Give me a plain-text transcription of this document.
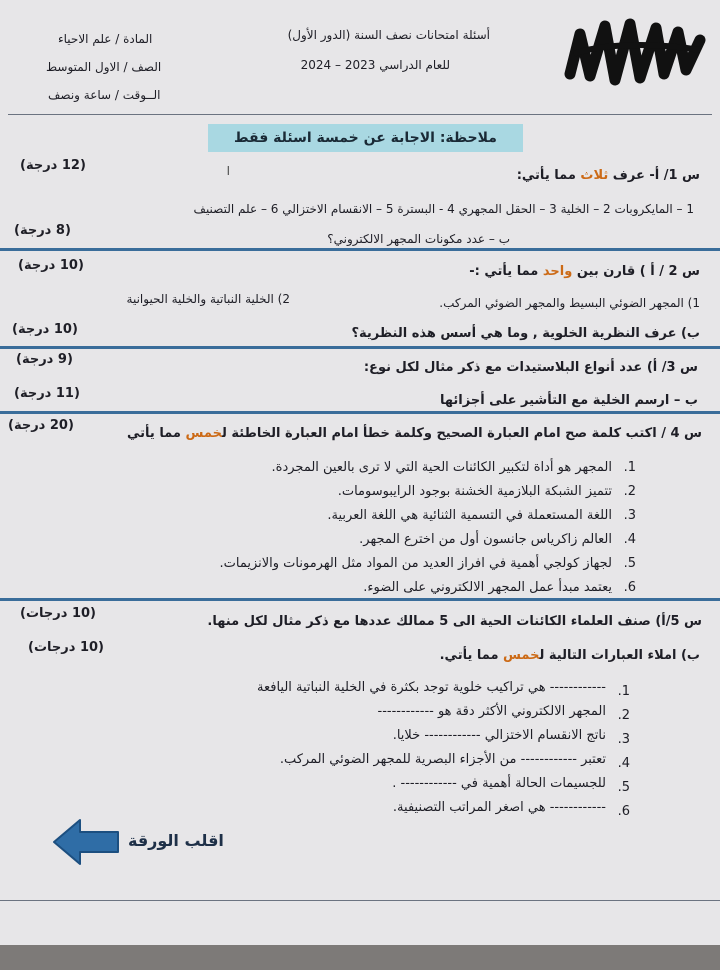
أسئلة امتحانات نصف السنة (الدور الأول)
للعام الدراسي 2023 – 2024
المادة / علم الاحياء
الصف / الاول المتوسط
الــوقت / ساعة ونصف
ملاحظة: الاجابة عن خمسة اسئلة فقط
ا	س 1/ أ- عرف ثلاث مما يأتي:
(12 درجة)
1 – المايكروبات 2 – الخلية 3 – الحقل المجهري 4 - البسترة 5 – الانقسام الاختزالي 6 – علم التصنيف
ب – عدد مكونات المجهر الالكتروني؟
(8 درجة)
س 2 / أ ) قارن بين واحد مما يأتي :-
(10 درجة)
1) المجهر الضوئي البسيط والمجهر الضوئي المركب.
2) الخلية النباتية والخلية الحيوانية
ب) عرف النظرية الخلوية , وما هي أسس هذه النظرية؟
(10 درجة)
س 3/ أ) عدد أنواع البلاستيدات مع ذكر مثال لكل نوع:
(9 درجة)
ب – ارسم الخلية مع التأشير على أجزائها
(11 درجة)
س 4 / اكتب كلمة صح امام العبارة الصحيح وكلمة خطأ امام العبارة الخاطئة لخمس مما يأتي
(20 درجة)
1.
المجهر هو أداة لتكبير الكائنات الحية التي لا ترى بالعين المجردة.
2.
تتميز الشبكة البلازمية الخشنة بوجود الرايبوسومات.
3.
اللغة المستعملة في التسمية الثنائية هي اللغة العربية.
4.
العالم زاكرياس جانسون أول من اخترع المجهر.
5.
لجهاز كولجي أهمية في افراز العديد من المواد مثل الهرمونات والانزيمات.
6.
يعتمد مبدأ عمل المجهر الالكتروني على الضوء.
س 5/أ) صنف العلماء الكائنات الحية الى 5 ممالك عددها مع ذكر مثال لكل منها.
(10 درجات)
ب) املاء العبارات التالية لخمس مما يأتي.
(10 درجات)
1.
------------ هي تراكيب خلوية توجد بكثرة في الخلية النباتية اليافعة
2.
المجهر الالكتروني الأكثر دقة هو ------------
3.
ناتج الانقسام الاختزالي ------------ خلايا.
4.
تعتبر ------------ من الأجزاء البصرية للمجهر الضوئي المركب.
5.
للجسيمات الحالة أهمية في ------------ .
6.
------------ هي اصغر المراتب التصنيفية.
اقلب الورقة
